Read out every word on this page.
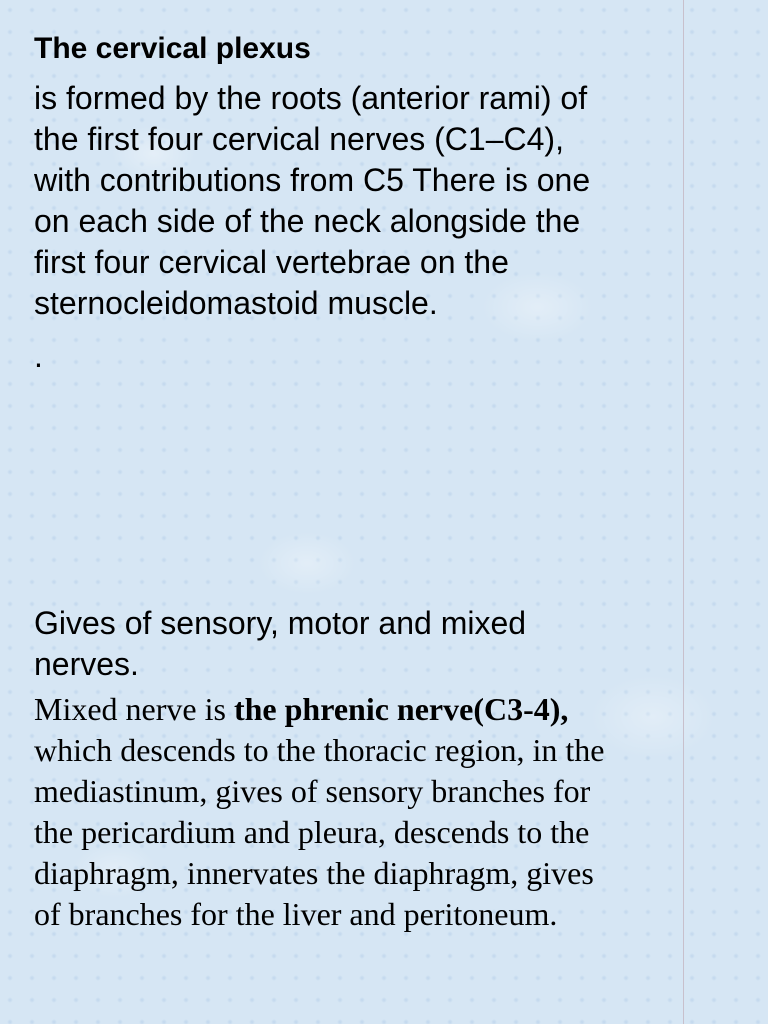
The cervical plexus
is formed by the roots (anterior rami) of
the first four cervical nerves (C1–C4),
with contributions from C5 There is one
on each side of the neck alongside the
first four cervical vertebrae on the
sternocleidomastoid muscle.
.
Gives of sensory, motor and mixed
nerves.
Mixed nerve is the phrenic nerve(C3-4),
which descends to the thoracic region, in the
mediastinum, gives of sensory branches for
the pericardium and pleura, descends to the
diaphragm, innervates the diaphragm, gives
of branches for the liver and peritoneum.
